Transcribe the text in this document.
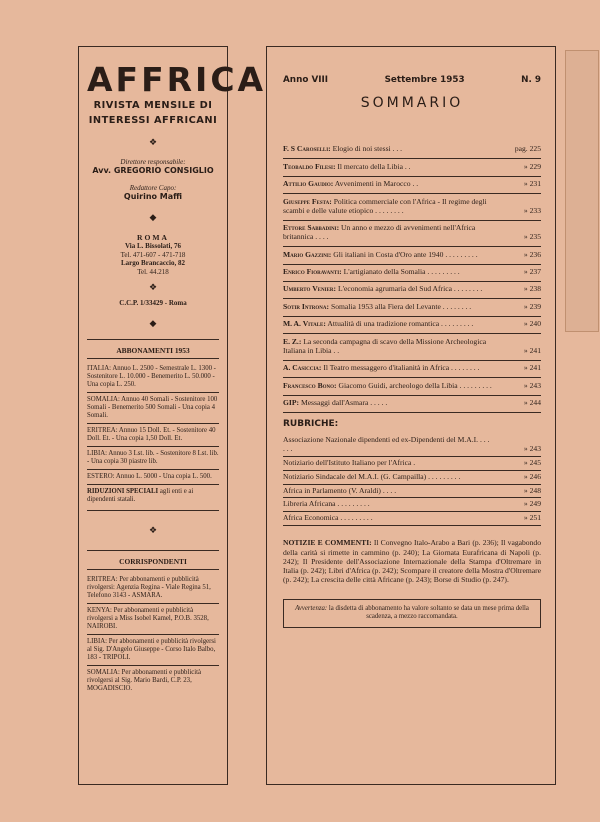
AFFRICA
RIVISTA MENSILE DI
INTERESSI AFFRICANI
❖
Direttore responsabile:
Avv. GREGORIO CONSIGLIO
Redattore Capo:
Quirino Maffi
◆
ROMA
Via L. Bissolati, 76
Tel. 471-607 - 471-718
Largo Brancaccio, 82
Tel. 44.218
❖
C.C.P. 1/33429 - Roma
◆
ABBONAMENTI 1953
ITALIA: Annuo L. 2500 - Semestrale L. 1300 - Sostenitore L. 10.000 - Benemerito L. 50.000 - Una copia L. 250.
SOMALIA: Annuo 40 Somali - Sostenitore 100 Somali - Benemerito 500 Somali - Una copia 4 Somali.
ERITREA: Annuo 15 Doll. Et. - Sostenitore 40 Doll. Et. - Una copia 1,50 Doll. Et.
LIBIA: Annuo 3 Lst. lib. - Sostenitore 8 Lst. lib. - Una copia 30 piastre lib.
ESTERO: Annuo L. 5000 - Una copia L. 500.
RIDUZIONI SPECIALI agli enti e ai dipendenti statali.
❖
CORRISPONDENTI
ERITREA: Per abbonamenti e pubblicità rivolgersi: Agenzia Regina - Viale Regina 51, Telefono 3143 - ASMARA.
KENYA: Per abbonamenti e pubblicità rivolgersi a Miss Isobel Kamel, P.O.B. 3528, NAIROBI.
LIBIA: Per abbonamenti e pubblicità rivolgersi al Sig. D'Angelo Giuseppe - Corso Italo Balbo, 183 - TRIPOLI.
SOMALIA: Per abbonamenti e pubblicità rivolgersi al Sig. Mario Bardi, C.P. 23, MOGADISCIO.
Anno VIII	Settembre 1953	N. 9
SOMMARIO
F. S Caroselli: Elogio di noi stessi . . .	pag. 225
Teobaldo Filesi: Il mercato della Libia . .	» 229
Attilio Gaudio: Avvenimenti in Marocco . .	» 231
Giuseppe Festa: Politica commerciale con l'Africa - Il regime degli scambi e delle valute etiopico . . . . . . . .	» 233
Ettore Sabbadini: Un anno e mezzo di avvenimenti nell'Africa britannica . . . .	» 235
Mario Gazzini: Gli italiani in Costa d'Oro ante 1940 . . . . . . . . .	» 236
Enrico Fioravanti: L'artigianato della Somalia . . . . . . . . .	» 237
Umberto Venier: L'economia agrumaria del Sud Africa . . . . . . . .	» 238
Sotir Introna: Somalia 1953 alla Fiera del Levante . . . . . . . .	» 239
M. A. Vitale: Attualità di una tradizione romantica . . . . . . . . .	» 240
E. Z.: La seconda campagna di scavo della Missione Archeologica Italiana in Libia . .	» 241
A. Casiccia: Il Teatro messaggero d'italianità in Africa . . . . . . . .	» 241
Francesco Bono: Giacomo Guidi, archeologo della Libia . . . . . . . . .	» 243
GIP: Messaggi dall'Asmara . . . . .	» 244
RUBRICHE:
Associazione Nazionale dipendenti ed ex-Dipendenti del M.A.I. . . . . . .	» 243
Notiziario dell'Istituto Italiano per l'Africa .	» 245
Notiziario Sindacale del M.A.I. (G. Campailla) . . . . . . . . .	» 246
Africa in Parlamento (V. Araldi) . . . .	» 248
Libreria Africana . . . . . . . . .	» 249
Africa Economica . . . . . . . . .	» 251
NOTIZIE E COMMENTI: Il Convegno Italo-Arabo a Bari (p. 236); Il vagabondo della carità si rimette in cammino (p. 240); La Giornata Eurafricana di Napoli (p. 242); Il Presidente dell'Associazione Internazionale della Stampa d'Oltremare in Italia (p. 242); Libri d'Africa (p. 242); Scompare il creatore della Mostra d'Oltremare (p. 242); La crescita delle città Africane (p. 243); Borse di Studio (p. 247).
Avvertenza: la disdetta di abbonamento ha valore soltanto se data un mese prima della scadenza, a mezzo raccomandata.
